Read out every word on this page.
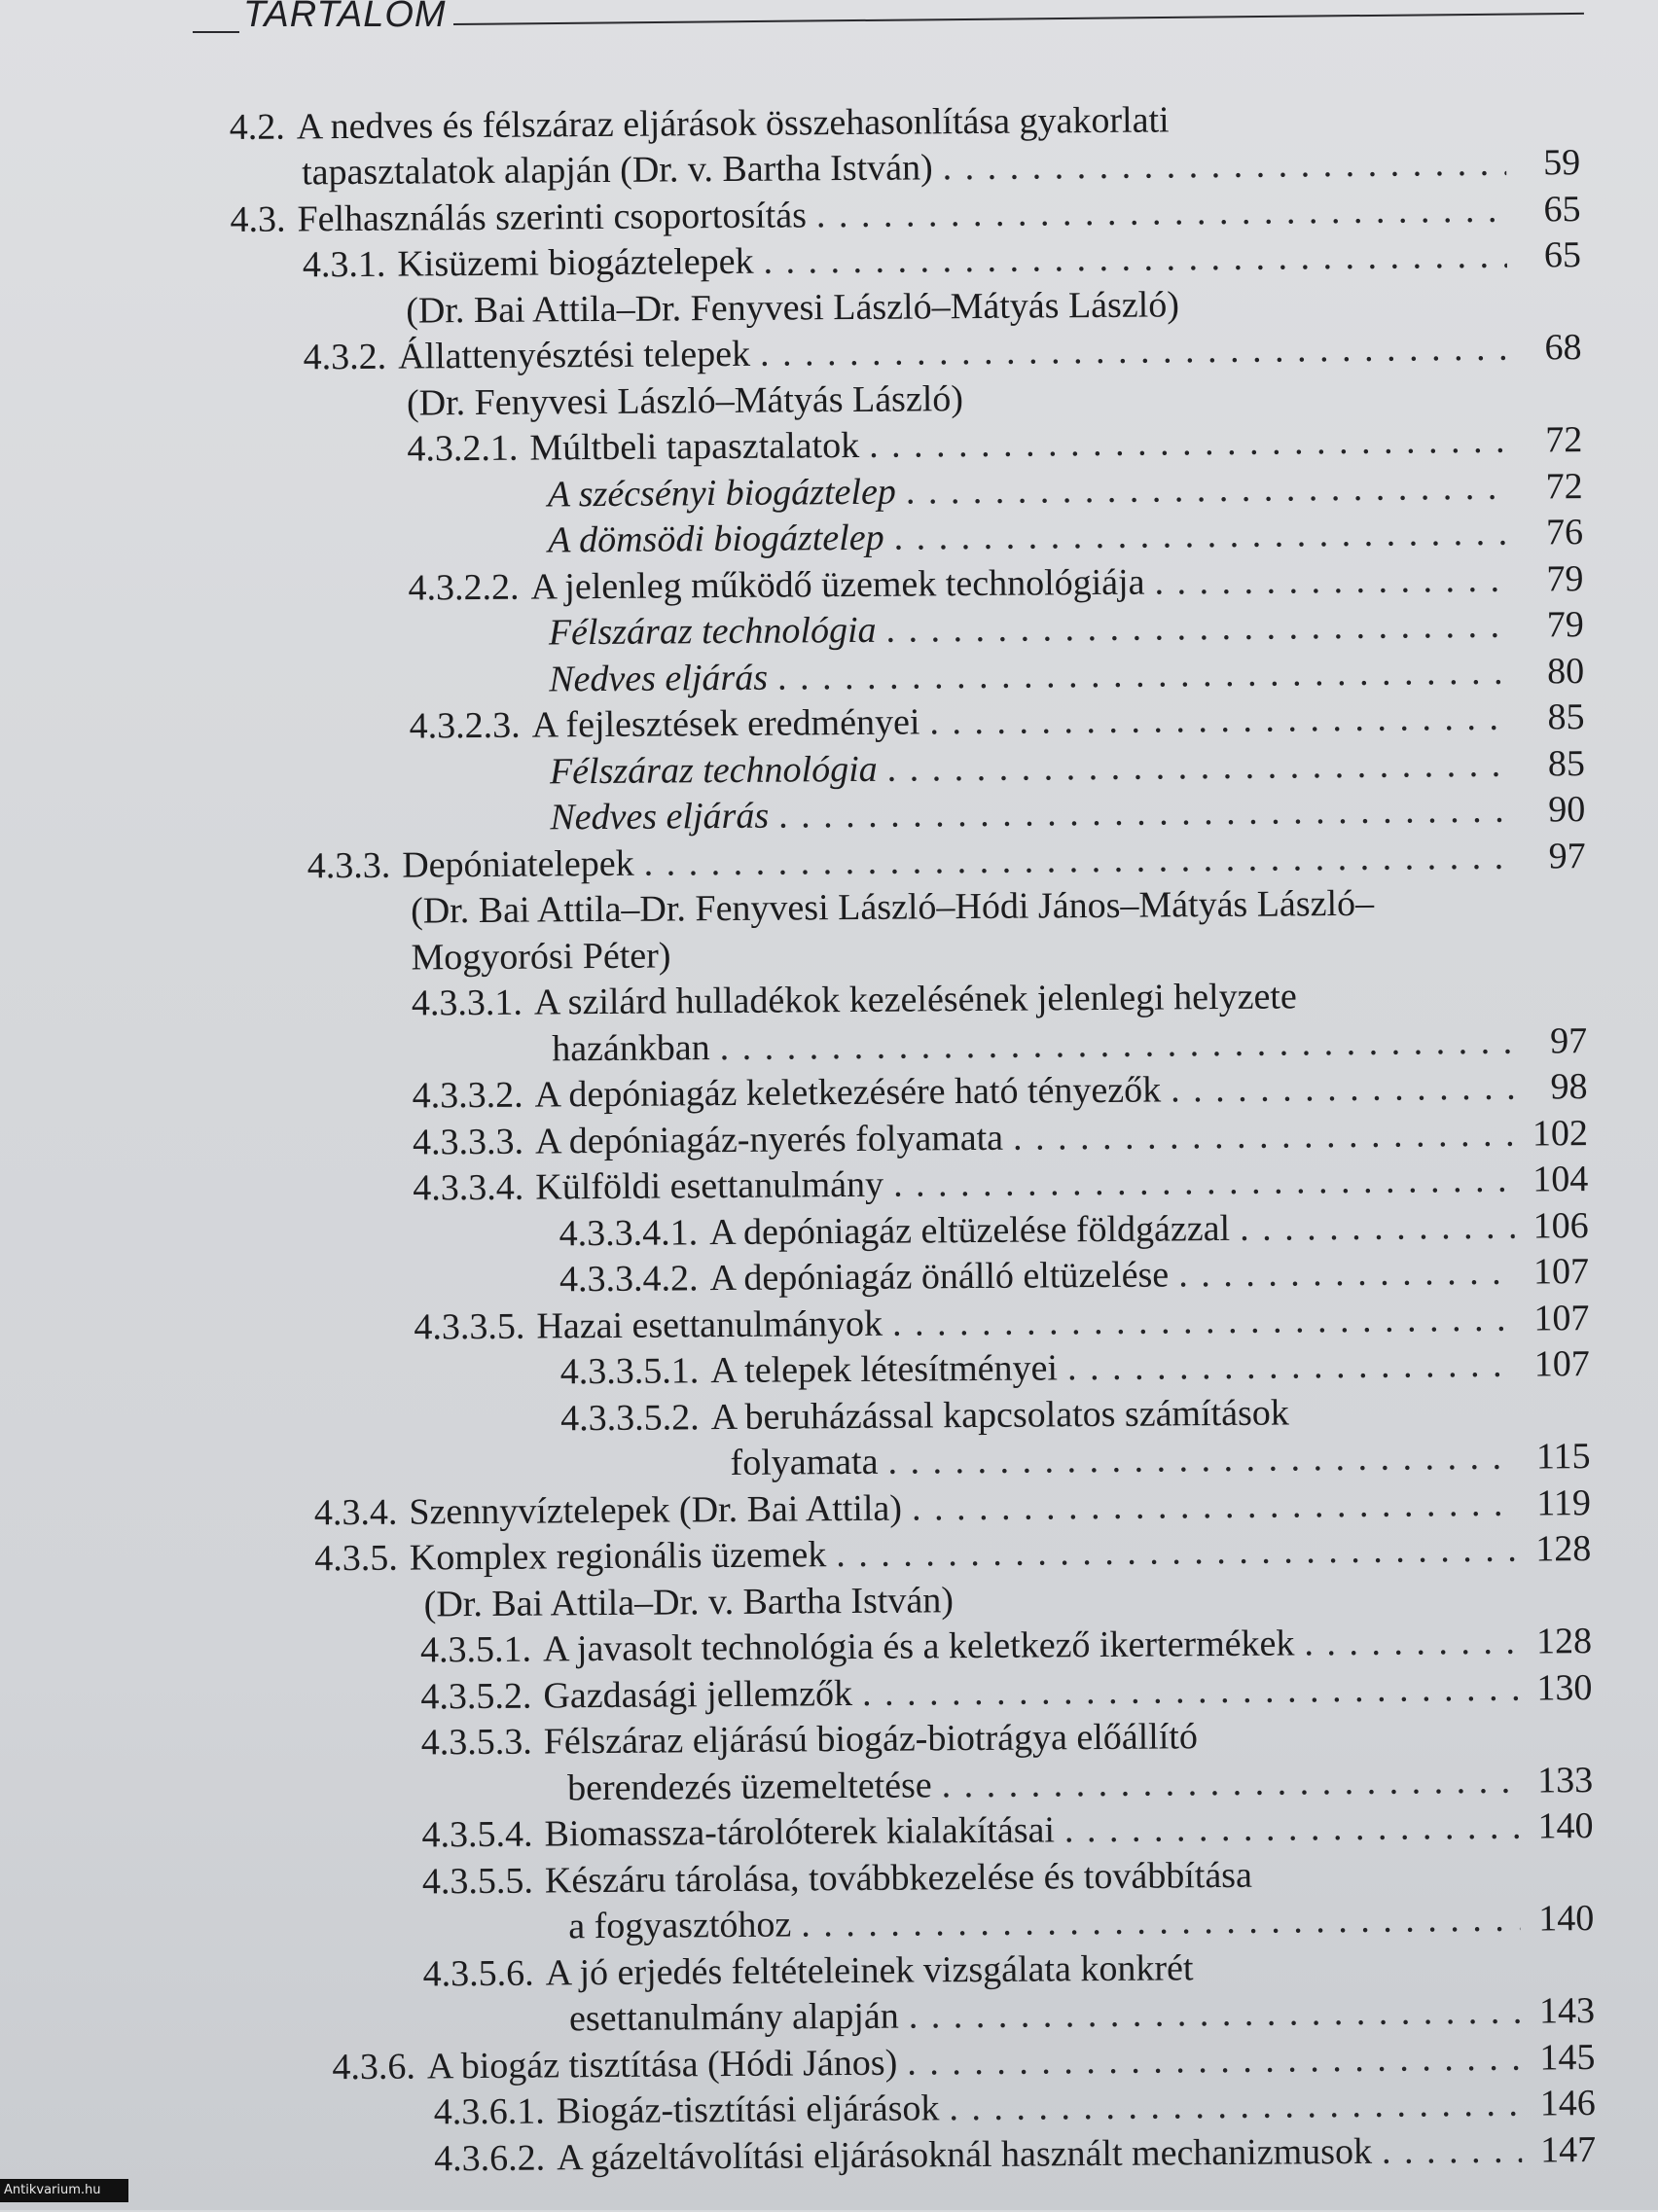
TARTALOM
4.2. A nedves és félszáraz eljárások összehasonlítása gyakorlati
tapasztalatok alapján (Dr. v. Bartha István) . . .	59
4.3. Felhasználás szerinti csoportosítás . . .	65
4.3.1. Kisüzemi biogáztelepek . . .	65
(Dr. Bai Attila–Dr. Fenyvesi László–Mátyás László)
4.3.2. Állattenyésztési telepek . . .	68
(Dr. Fenyvesi László–Mátyás László)
4.3.2.1. Múltbeli tapasztalatok . . .	72
A szécsényi biogáztelep . . .	72
A dömsödi biogáztelep . . .	76
4.3.2.2. A jelenleg működő üzemek technológiája . . .	79
Félszáraz technológia . . .	79
Nedves eljárás . . .	80
4.3.2.3. A fejlesztések eredményei . . .	85
Félszáraz technológia . . .	85
Nedves eljárás . . .	90
4.3.3. Depóniatelepek . . .	97
(Dr. Bai Attila–Dr. Fenyvesi László–Hódi János–Mátyás László–
Mogyorósi Péter)
4.3.3.1. A szilárd hulladékok kezelésének jelenlegi helyzete
hazánkban . . .	97
4.3.3.2. A depóniagáz keletkezésére ható tényezők . . .	98
4.3.3.3. A depóniagáz-nyerés folyamata . . .	102
4.3.3.4. Külföldi esettanulmány . . .	104
4.3.3.4.1. A depóniagáz eltüzelése földgázzal . . .	106
4.3.3.4.2. A depóniagáz önálló eltüzelése . . .	107
4.3.3.5. Hazai esettanulmányok . . .	107
4.3.3.5.1. A telepek létesítményei . . .	107
4.3.3.5.2. A beruházással kapcsolatos számítások
folyamata . . .	115
4.3.4. Szennyvíztelepek (Dr. Bai Attila) . . .	119
4.3.5. Komplex regionális üzemek . . .	128
(Dr. Bai Attila–Dr. v. Bartha István)
4.3.5.1. A javasolt technológia és a keletkező ikertermékek . . .	128
4.3.5.2. Gazdasági jellemzők . . .	130
4.3.5.3. Félszáraz eljárású biogáz-biotrágya előállító
berendezés üzemeltetése . . .	133
4.3.5.4. Biomassza-tárolóterek kialakításai . . .	140
4.3.5.5. Készáru tárolása, továbbkezelése és továbbítása
a fogyasztóhoz . . .	140
4.3.5.6. A jó erjedés feltételeinek vizsgálata konkrét
esettanulmány alapján . . .	143
4.3.6. A biogáz tisztítása (Hódi János) . . .	145
4.3.6.1. Biogáz-tisztítási eljárások . . .	146
4.3.6.2. A gázeltávolítási eljárásoknál használt mechanizmusok . . .	147
Antikvarium.hu
